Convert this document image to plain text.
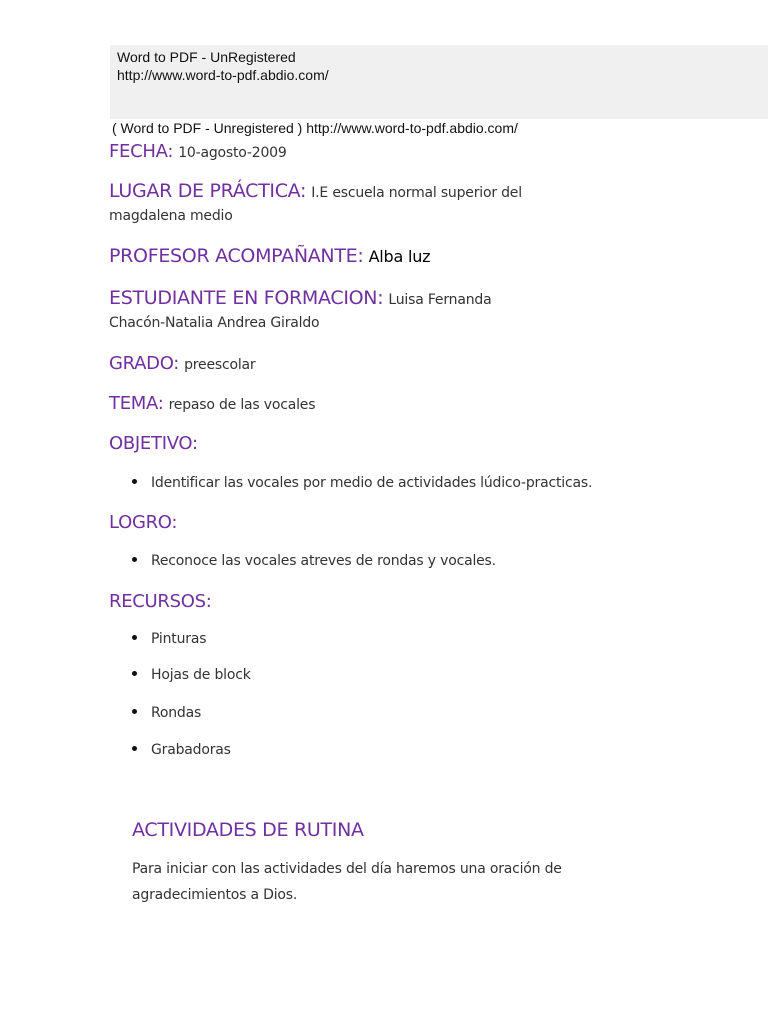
Word to PDF - UnRegistered
http://www.word-to-pdf.abdio.com/
( Word to PDF - Unregistered ) http://www.word-to-pdf.abdio.com/
FECHA: 10-agosto-2009
LUGAR DE PRÁCTICA: I.E escuela normal superior del
magdalena medio
PROFESOR ACOMPAÑANTE: Alba luz
ESTUDIANTE EN FORMACION: Luisa Fernanda
Chacón-Natalia Andrea Giraldo
GRADO: preescolar
TEMA: repaso de las vocales
OBJETIVO:
Identificar las vocales por medio de actividades lúdico-practicas.
LOGRO:
Reconoce las vocales atreves de rondas y vocales.
RECURSOS:
Pinturas
Hojas de block
Rondas
Grabadoras
ACTIVIDADES DE RUTINA
Para iniciar con las actividades del día haremos una oración de agradecimientos a Dios.
